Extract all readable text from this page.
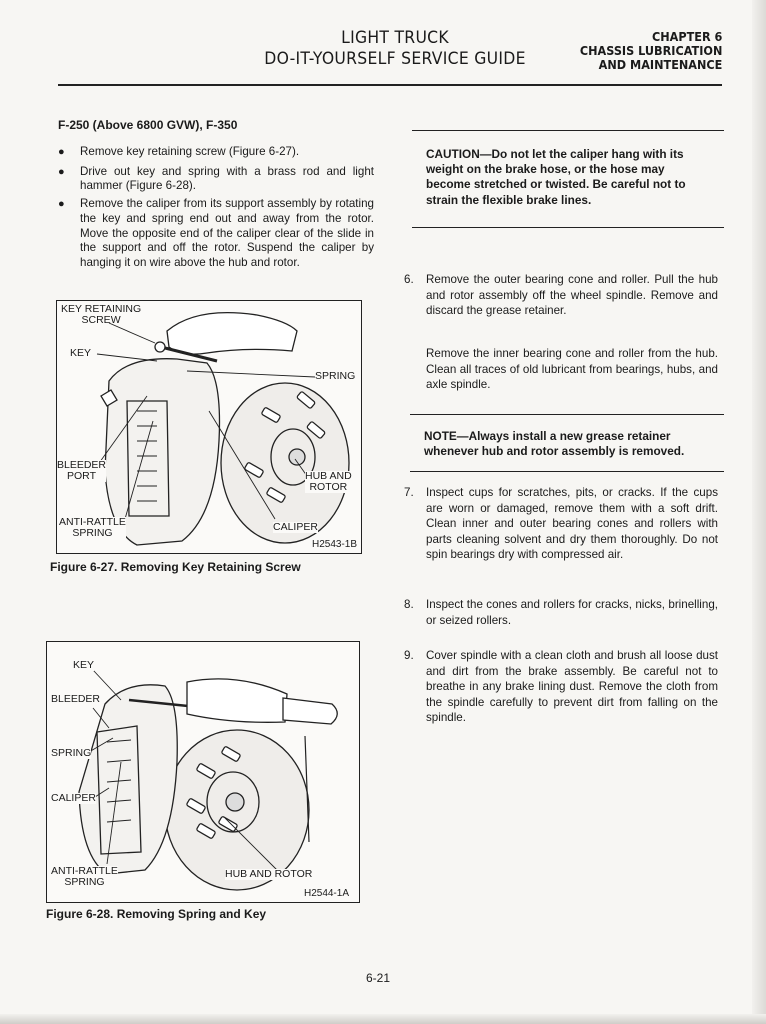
LIGHT TRUCK
DO-IT-YOURSELF SERVICE GUIDE
CHAPTER 6
CHASSIS LUBRICATION
AND MAINTENANCE
F-250 (Above 6800 GVW), F-350
● Remove key retaining screw (Figure 6-27).
● Drive out key and spring with a brass rod and light hammer (Figure 6-28).
● Remove the caliper from its support assembly by rotating the key and spring end out and away from the rotor. Move the opposite end of the caliper clear of the slide in the support and off the rotor. Suspend the caliper by hanging it on wire above the hub and rotor.
KEY RETAINING
SCREW
KEY
SPRING
BLEEDER
PORT	HUB AND
ROTOR
ANTI-RATTLE
SPRING	CALIPER
H2543-1B
Figure 6-27. Removing Key Retaining Screw
KEY
BLEEDER
SPRING
CALIPER
ANTI-RATTLE
SPRING
HUB AND ROTOR
H2544-1A
Figure 6-28. Removing Spring and Key
CAUTION—Do not let the caliper hang with its weight on the brake hose, or the hose may become stretched or twisted. Be careful not to strain the flexible brake lines.
6. Remove the outer bearing cone and roller. Pull the hub and rotor assembly off the wheel spindle. Remove and discard the grease retainer.
Remove the inner bearing cone and roller from the hub. Clean all traces of old lubricant from bearings, hubs, and axle spindle.
NOTE—Always install a new grease retainer whenever hub and rotor assembly is removed.
7. Inspect cups for scratches, pits, or cracks. If the cups are worn or damaged, remove them with a soft drift. Clean inner and outer bearing cones and rollers with parts cleaning solvent and dry them thoroughly. Do not spin bearings dry with compressed air.
8. Inspect the cones and rollers for cracks, nicks, brinelling, or seized rollers.
9. Cover spindle with a clean cloth and brush all loose dust and dirt from the brake assembly. Be careful not to breathe in any brake lining dust. Remove the cloth from the spindle carefully to prevent dirt from falling on the spindle.
6-21
